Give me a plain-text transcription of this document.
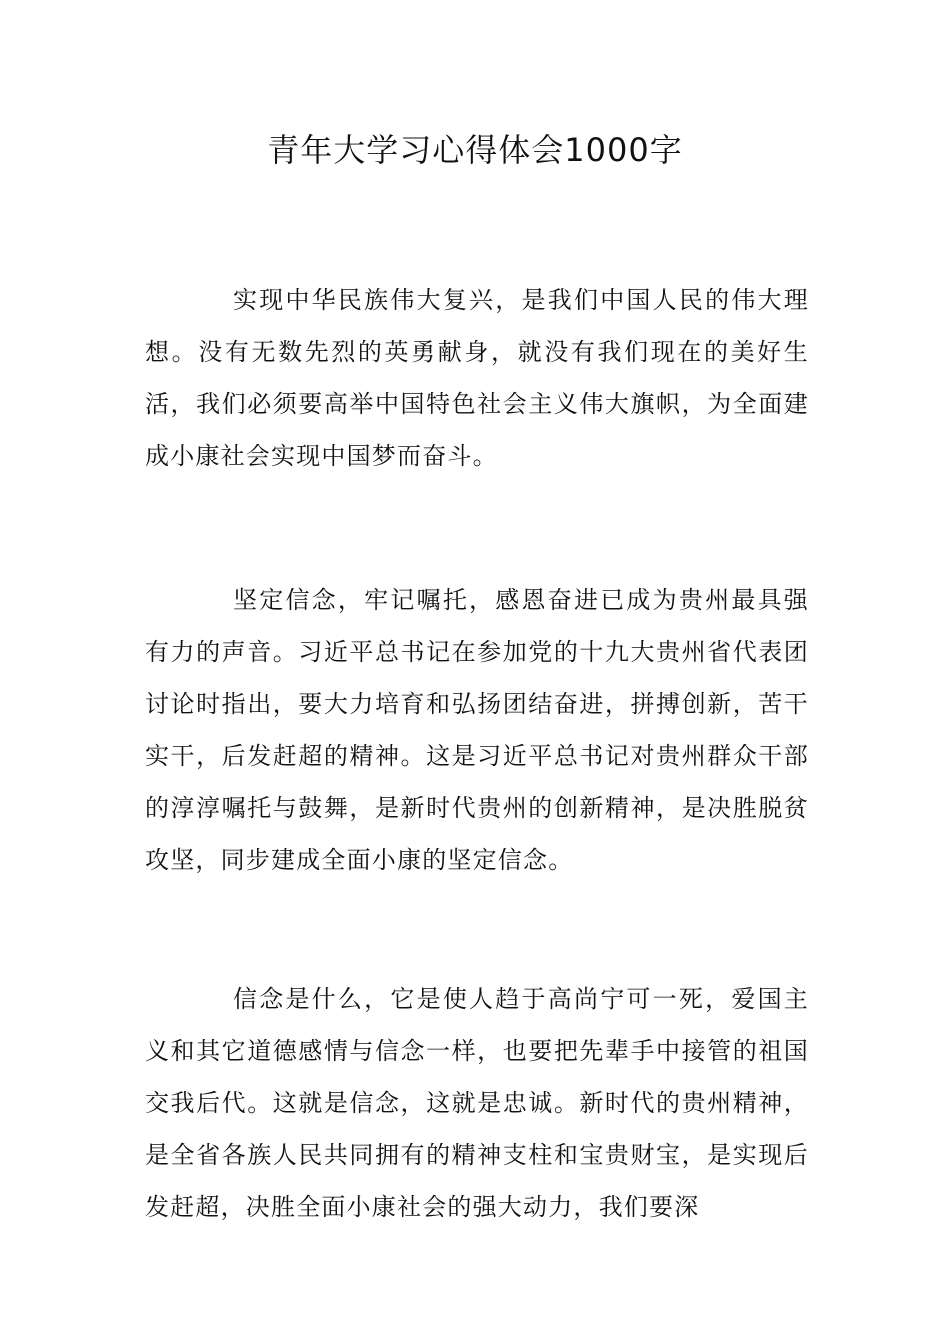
青年大学习心得体会1000字

实现中华民族伟大复兴，是我们中国人民的伟大理想。没有无数先烈的英勇献身，就没有我们现在的美好生活，我们必须要高举中国特色社会主义伟大旗帜，为全面建成小康社会实现中国梦而奋斗。

坚定信念，牢记嘱托，感恩奋进已成为贵州最具强有力的声音。习近平总书记在参加党的十九大贵州省代表团讨论时指出，要大力培育和弘扬团结奋进，拼搏创新，苦干实干，后发赶超的精神。这是习近平总书记对贵州群众干部的淳淳嘱托与鼓舞，是新时代贵州的创新精神，是决胜脱贫攻坚，同步建成全面小康的坚定信念。

信念是什么，它是使人趋于高尚宁可一死，爱国主义和其它道德感情与信念一样，也要把先辈手中接管的祖国交我后代。这就是信念，这就是忠诚。新时代的贵州精神，是全省各族人民共同拥有的精神支柱和宝贵财宝，是实现后发赶超，决胜全面小康社会的强大动力，我们要深
